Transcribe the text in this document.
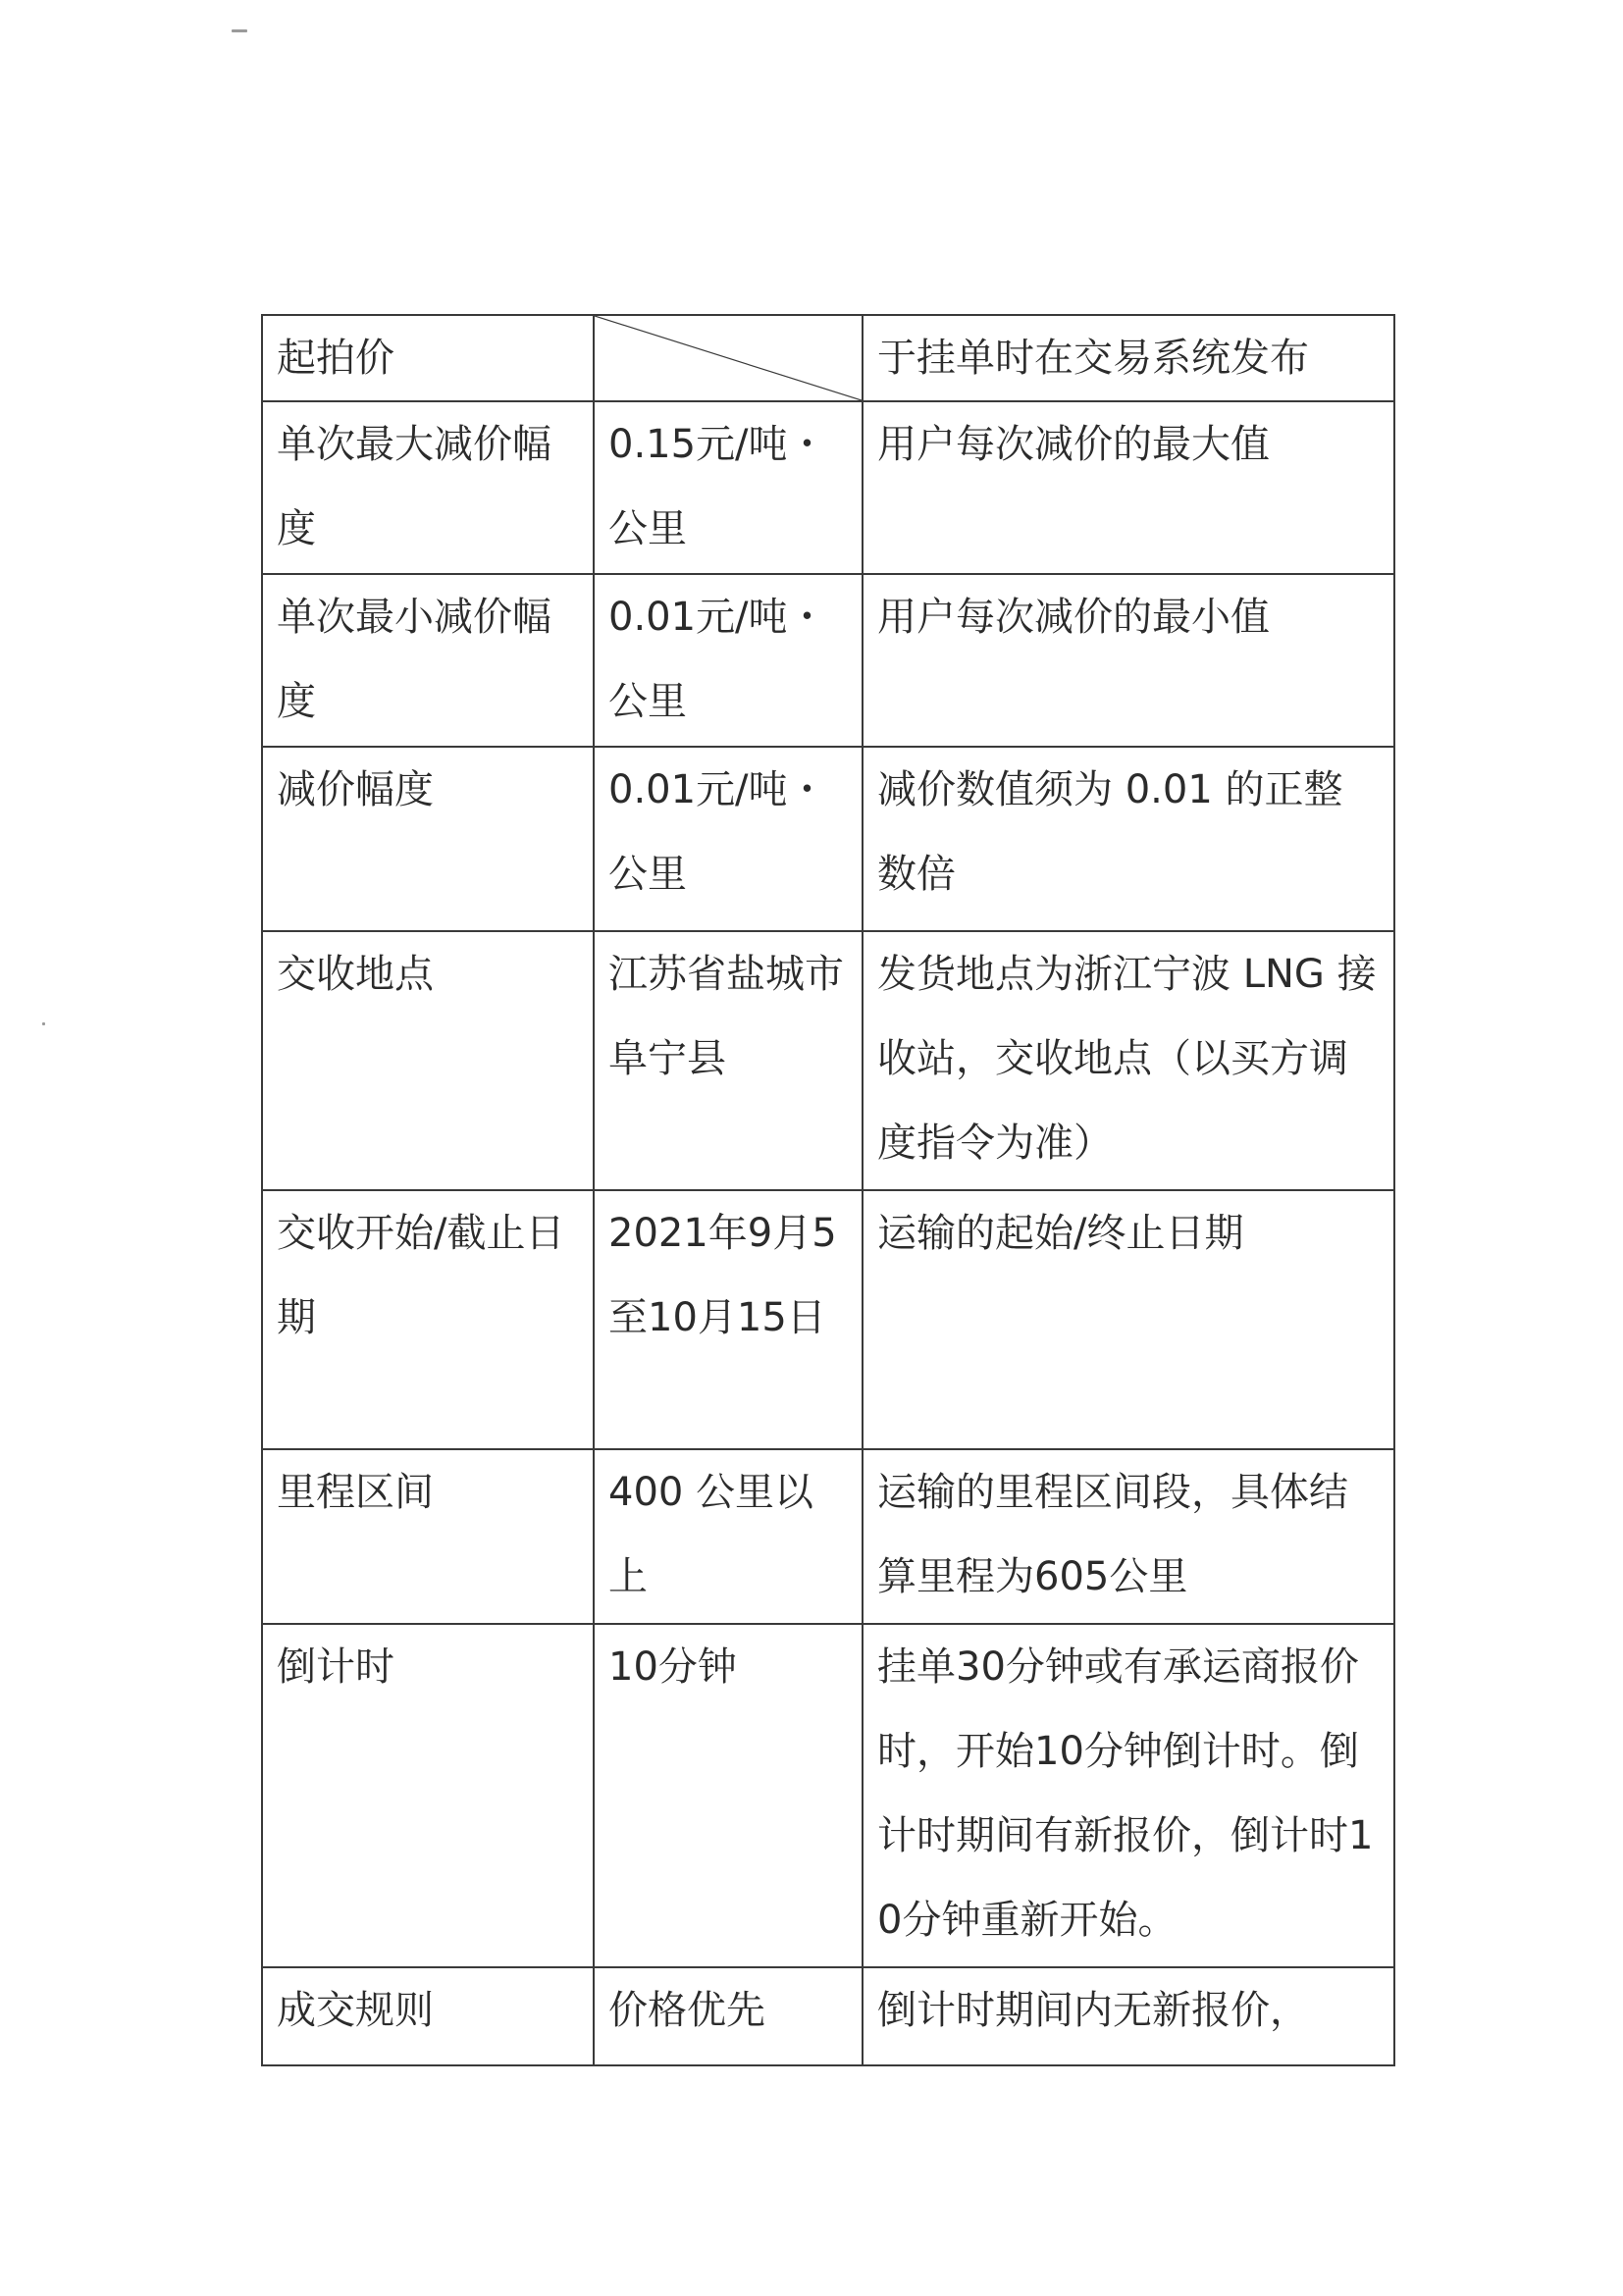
起拍价		于挂单时在交易系统发布
单次最大减价幅度	0.15元/吨・公里	用户每次减价的最大值
单次最小减价幅度	0.01元/吨・公里	用户每次减价的最小值
减价幅度	0.01元/吨・公里	减价数值须为 0.01 的正整数倍
交收地点	江苏省盐城市阜宁县	发货地点为浙江宁波 LNG 接收站，交收地点（以买方调度指令为准）
交收开始/截止日期	2021年9月5至10月15日	运输的起始/终止日期
里程区间	400 公里以上	运输的里程区间段，具体结算里程为605公里
倒计时	10分钟	挂单30分钟或有承运商报价时，开始10分钟倒计时。倒计时期间有新报价，倒计时10分钟重新开始。
成交规则	价格优先	倒计时期间内无新报价，
